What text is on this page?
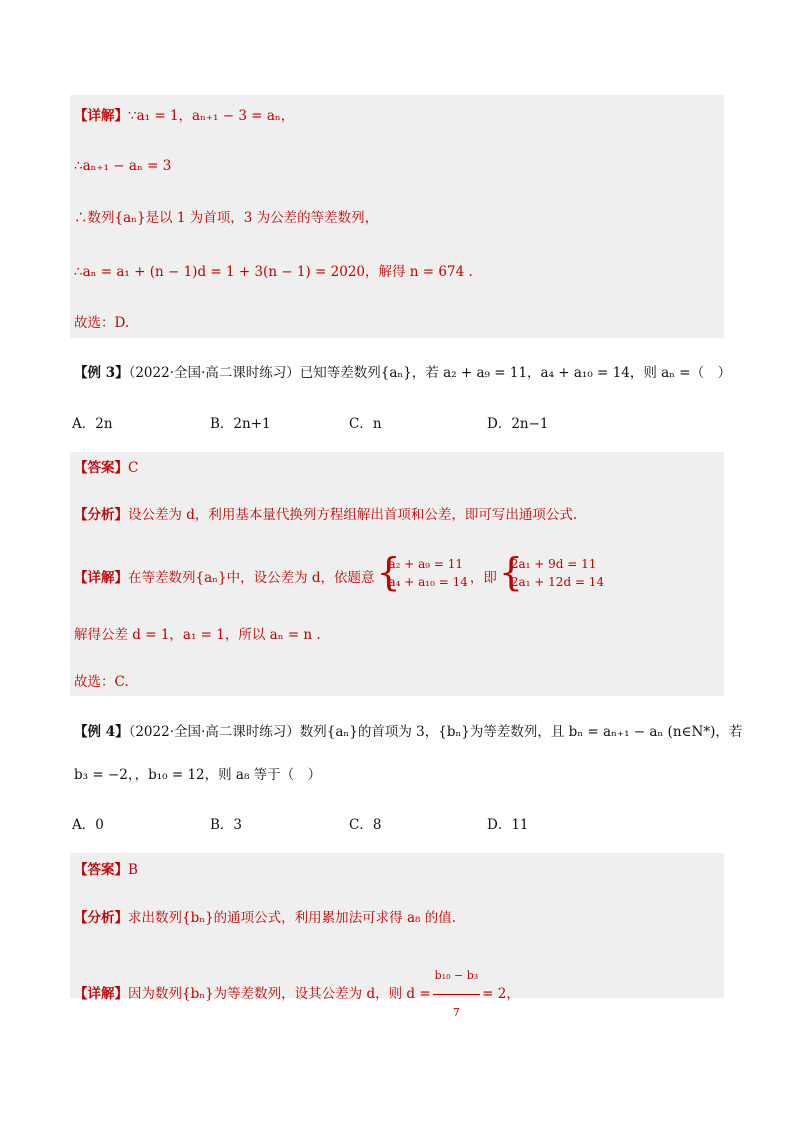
【详解】∵a₁ = 1，aₙ₊₁ − 3 = aₙ，
∴aₙ₊₁ − aₙ = 3
∴数列{aₙ}是以 1 为首项，3 为公差的等差数列，
∴aₙ = a₁ + (n − 1)d = 1 + 3(n − 1) = 2020，解得 n = 674 .
故选：D.
【例 3】（2022·全国·高二课时练习）已知等差数列{aₙ}，若 a₂ + a₉ = 11，a₄ + a₁₀ = 14，则 aₙ =（　）
A．2n	B．2n+1	C．n	D．2n−1
【答案】C
【分析】设公差为 d，利用基本量代换列方程组解出首项和公差，即可写出通项公式.
【详解】在等差数列{aₙ}中，设公差为 d，依题意 {
a₂ + a₉ = 11
a₄ + a₁₀ = 14 ，即 {
2a₁ + 9d = 11
2a₁ + 12d = 14
解得公差 d = 1，a₁ = 1，所以 aₙ = n .
故选：C.
【例 4】（2022·全国·高二课时练习）数列{aₙ}的首项为 3，{bₙ}为等差数列，且 bₙ = aₙ₊₁ − aₙ (n∈N*)，若
b₃ = −2，，b₁₀ = 12，则 a₈ 等于（　）
A．0	B．3	C．8	D．11
【答案】B
【分析】求出数列{bₙ}的通项公式，利用累加法可求得 a₈ 的值.
【详解】因为数列{bₙ}为等差数列，设其公差为 d，则 $d = \frac{\text{b₁₀ − b₃}}{7} = 2$，
